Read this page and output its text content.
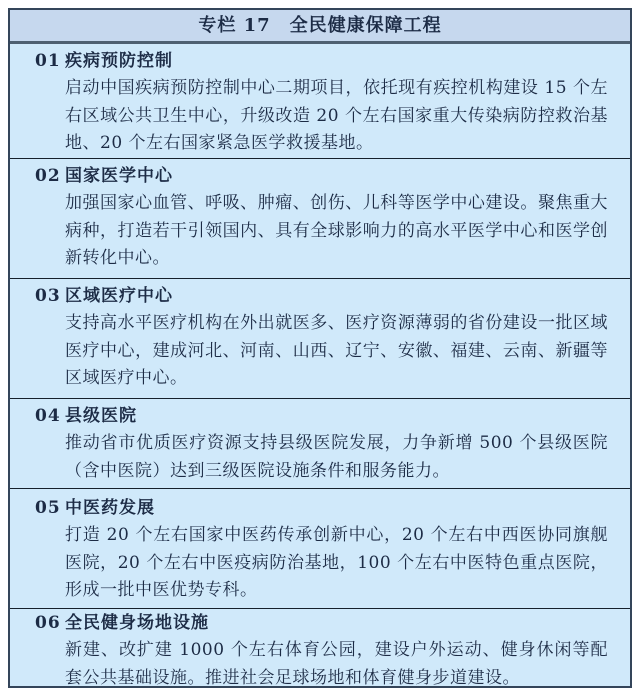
专栏 17　全民健康保障工程
01 疾病预防控制
启动中国疾病预防控制中心二期项目，依托现有疾控机构建设 15 个左右区域公共卫生中心，升级改造 20 个左右国家重大传染病防控救治基地、20 个左右国家紧急医学救援基地。
02 国家医学中心
加强国家心血管、呼吸、肿瘤、创伤、儿科等医学中心建设。聚焦重大病种，打造若干引领国内、具有全球影响力的高水平医学中心和医学创新转化中心。
03 区域医疗中心
支持高水平医疗机构在外出就医多、医疗资源薄弱的省份建设一批区域医疗中心，建成河北、河南、山西、辽宁、安徽、福建、云南、新疆等区域医疗中心。
04 县级医院
推动省市优质医疗资源支持县级医院发展，力争新增 500 个县级医院（含中医院）达到三级医院设施条件和服务能力。
05 中医药发展
打造 20 个左右国家中医药传承创新中心，20 个左右中西医协同旗舰医院，20 个左右中医疫病防治基地，100 个左右中医特色重点医院，形成一批中医优势专科。
06 全民健身场地设施
新建、改扩建 1000 个左右体育公园，建设户外运动、健身休闲等配套公共基础设施。推进社会足球场地和体育健身步道建设。
